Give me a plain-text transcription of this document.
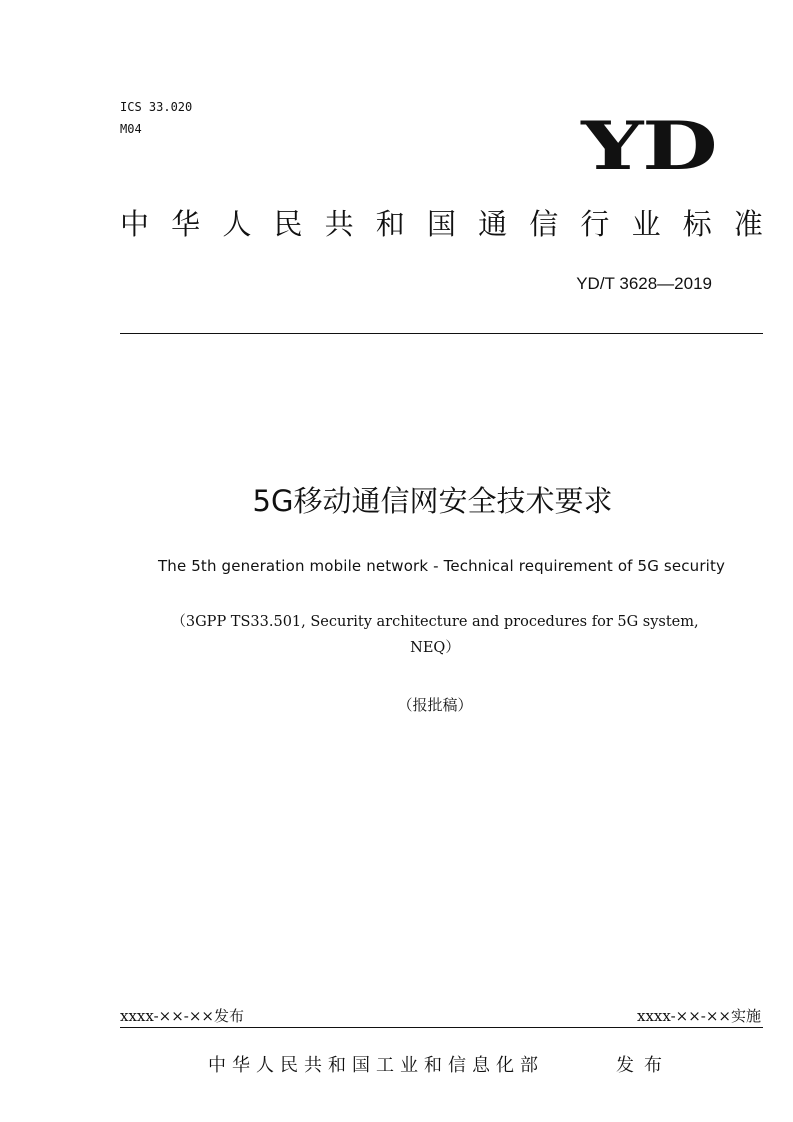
ICS 33.020
M04	YD
中 华 人 民 共 和 国 通 信 行 业 标 准
YD/T 3628—2019
5G移动通信网安全技术要求
The 5th generation mobile network - Technical requirement of 5G security
（3GPP TS33.501, Security architecture and procedures for 5G system,
NEQ）
（报批稿）
xxxx-××-××发布	xxxx-××-××实施
中华人民共和国工业和信息化部	发布
